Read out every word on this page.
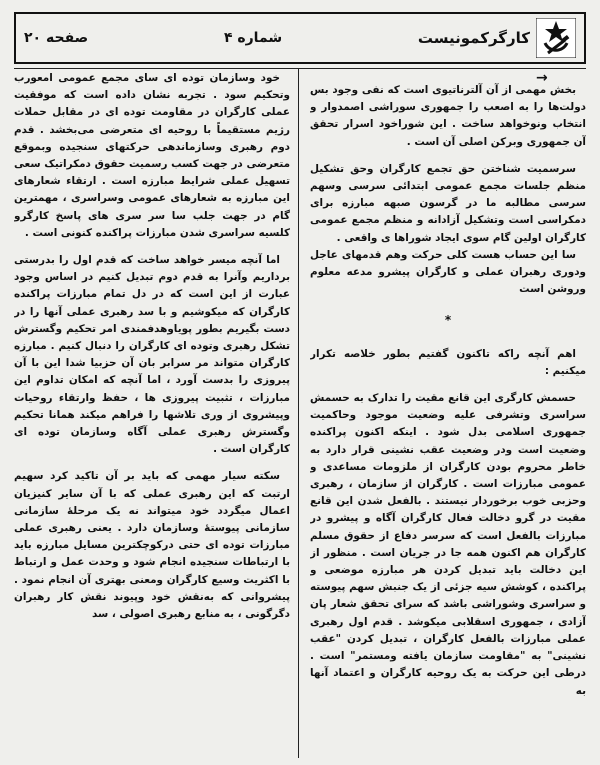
کارگرکمونیست
شماره ۴
صفحه ۲۰
→

بخش مهمی از آن آلترناتیوی است که نفی وجود بس دولت‌ها را به اصعب را جمهوری سوراشی اصمدوار و انتخاب ونوخواهد ساخت . این شوراخود اسرار تحقق آن جمهوری وبرکن اصلی آن است .

سرسمیت شناختن حق تجمع کارگران وحق تشکیل منظم جلسات مجمع عمومی ابتدائی سرسی وسهم سرسی مطالبه ما در گرسون صبهه مبارزه برای دمکراسی است وتشکیل آزادانه و منظم مجمع عمومی کارگران اولین گام سوی ایجاد شوراها ی واقعی .

سا این حساب هست کلی حرکت وهم قدمهای عاجل ودوری رهبران عملی و کارگران پیشرو مدعه معلوم وروشن است

*

اهم آنچه راکه تاکنون گفتیم بطور خلاصه تکرار میکنیم :

حسمش کارگری این قانع مقیت را تدارک به حسمش سراسری وتشرفی علیه وضعیت موجود وحاکمیت جمهوری اسلامی بدل شود . اینکه اکنون پراکنده وضعیت است ودر وضعیت عقب نشینی قرار دارد به خاطر محروم بودن کارگران از ملزومات مساعدی و عمومی مبارزات است . کارگران از سازمان ، رهبری وحزبی خوب برخوردار نیستند . بالفعل شدن این قانع مقیت در گرو دخالت فعال کارگران آگاه و پیشرو در مبارزات بالفعل است که سرسر دفاع از حقوق مسلم کارگران هم اکنون همه جا در جریان است . منظور از این دخالت باید تبدیل کردن هر مبارزه موضعی و پراکنده ، کوشش سیه جزئی از یک جنبش سهم پیوسته و سراسری وشوراشی باشد که سرای تحقق شعار پان آزادی ، جمهوری اسقلابی میکوشد . قدم اول رهبری عملی مبارزات بالفعل کارگران ، تبدیل کردن "عقب نشینی" به "مقاومت سازمان یافته ومستمر" است . درطی این حرکت به یک روحیه کارگران و اعتماد آنها به

خود وسازمان توده ای سای مجمع عمومی امعورب وتحکیم سود . تجربه نشان داده است که موفقیت عملی کارگران در مقاومت توده ای در مقابل حملات رژیم مستقیماً با روحیه ای متعرضی می‌بخشد . قدم دوم رهبری وسازماندهی حرکتهای سنجیده وبموقع متعرضی در جهت کسب رسمیت حقوق دمکراتیک سعی تسهیل عملی شرایط مبارزه است . ارتقاء شعارهای این مبارزه به شعارهای عمومی وسراسری ، مهمترین گام در جهت جلب سا سر سری های پاسخ کارگرو کلسیه سراسری شدن مبارزات پراکنده کنونی است .

اما آنچه میسر خواهد ساخت که قدم اول را بدرستی برداریم وآنرا به قدم دوم تبدیل کنیم در اساس وجود عبارت از این است که در دل تمام مبارزات پراکنده کارگران که میکوشیم و با سد رهبری عملی آنها را در دست بگیریم بطور پویاوهدفمندی امر تحکیم وگسترش تشکل رهبری وتوده ای کارگران را دنبال کنیم . مبارزه کارگران متواند مر سرابر بان آن حزبیا شدا این با آن پیروزی را بدست آورد ، اما آنچه که امکان تداوم این مبارزات ، تثبیت پیروزی ها ، حفظ وارتقاء روحیات وپیشروی از وری تلاشها را فراهم میکند همانا تحکیم وگسترش رهبری عملی آگاه وسازمان توده ای کارگران است .

سکته سیار مهمی که باید بر آن تاکید کرد سهیم ارتبت که این رهبری عملی که با آن سایر کنیزیان اعمال میگردد خود میتواند نه یک مرحلهٔ سازمانی سازمانی پیوستهٔ وسازمان دارد . یعنی رهبری عملی مبارزات توده ای حتی درکوچکترین مسایل مبارزه باید با ارتباطات سنجیده انجام شود و وحدت عمل و ارتباط با اکثریت وسیع کارگران ومعنی بهتری آن انجام نمود . پیشروانی که به‌نقش خود وپیوند نقش کار رهبران دگرگونی ، به منابع رهبری اصولی ، سد
